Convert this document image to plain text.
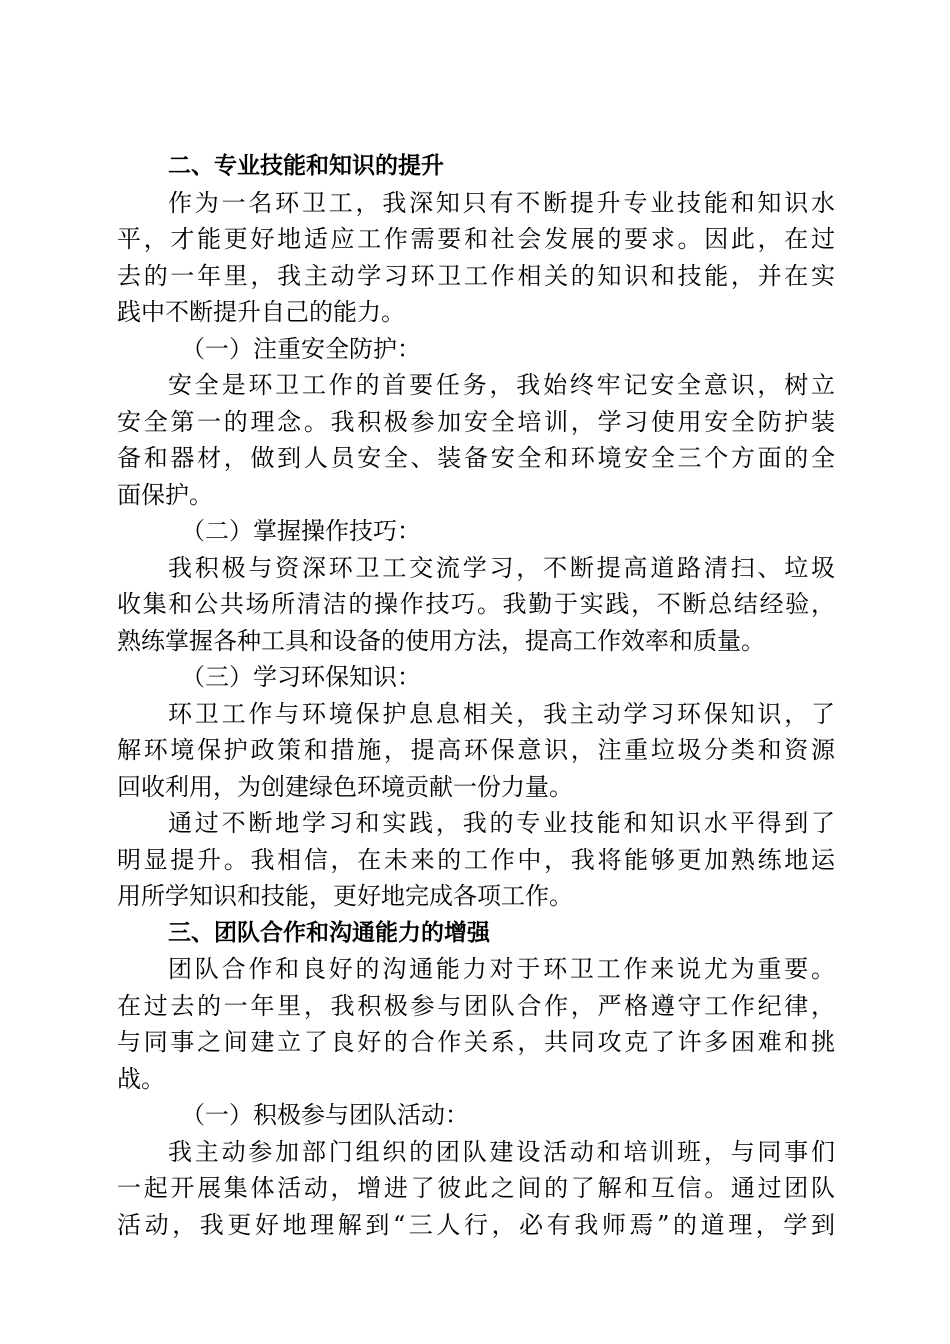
二、专业技能和知识的提升
作为一名环卫工，我深知只有不断提升专业技能和知识水
平，才能更好地适应工作需要和社会发展的要求。因此，在过
去的一年里，我主动学习环卫工作相关的知识和技能，并在实
践中不断提升自己的能力。
（一）注重安全防护：
安全是环卫工作的首要任务，我始终牢记安全意识，树立
安全第一的理念。我积极参加安全培训，学习使用安全防护装
备和器材，做到人员安全、装备安全和环境安全三个方面的全
面保护。
（二）掌握操作技巧：
我积极与资深环卫工交流学习，不断提高道路清扫、垃圾
收集和公共场所清洁的操作技巧。我勤于实践，不断总结经验，
熟练掌握各种工具和设备的使用方法，提高工作效率和质量。
（三）学习环保知识：
环卫工作与环境保护息息相关，我主动学习环保知识，了
解环境保护政策和措施，提高环保意识，注重垃圾分类和资源
回收利用，为创建绿色环境贡献一份力量。
通过不断地学习和实践，我的专业技能和知识水平得到了
明显提升。我相信，在未来的工作中，我将能够更加熟练地运
用所学知识和技能，更好地完成各项工作。
三、团队合作和沟通能力的增强
团队合作和良好的沟通能力对于环卫工作来说尤为重要。
在过去的一年里，我积极参与团队合作，严格遵守工作纪律，
与同事之间建立了良好的合作关系，共同攻克了许多困难和挑
战。
（一）积极参与团队活动：
我主动参加部门组织的团队建设活动和培训班，与同事们
一起开展集体活动，增进了彼此之间的了解和互信。通过团队
活动，我更好地理解到“三人行，必有我师焉”的道理，学到
